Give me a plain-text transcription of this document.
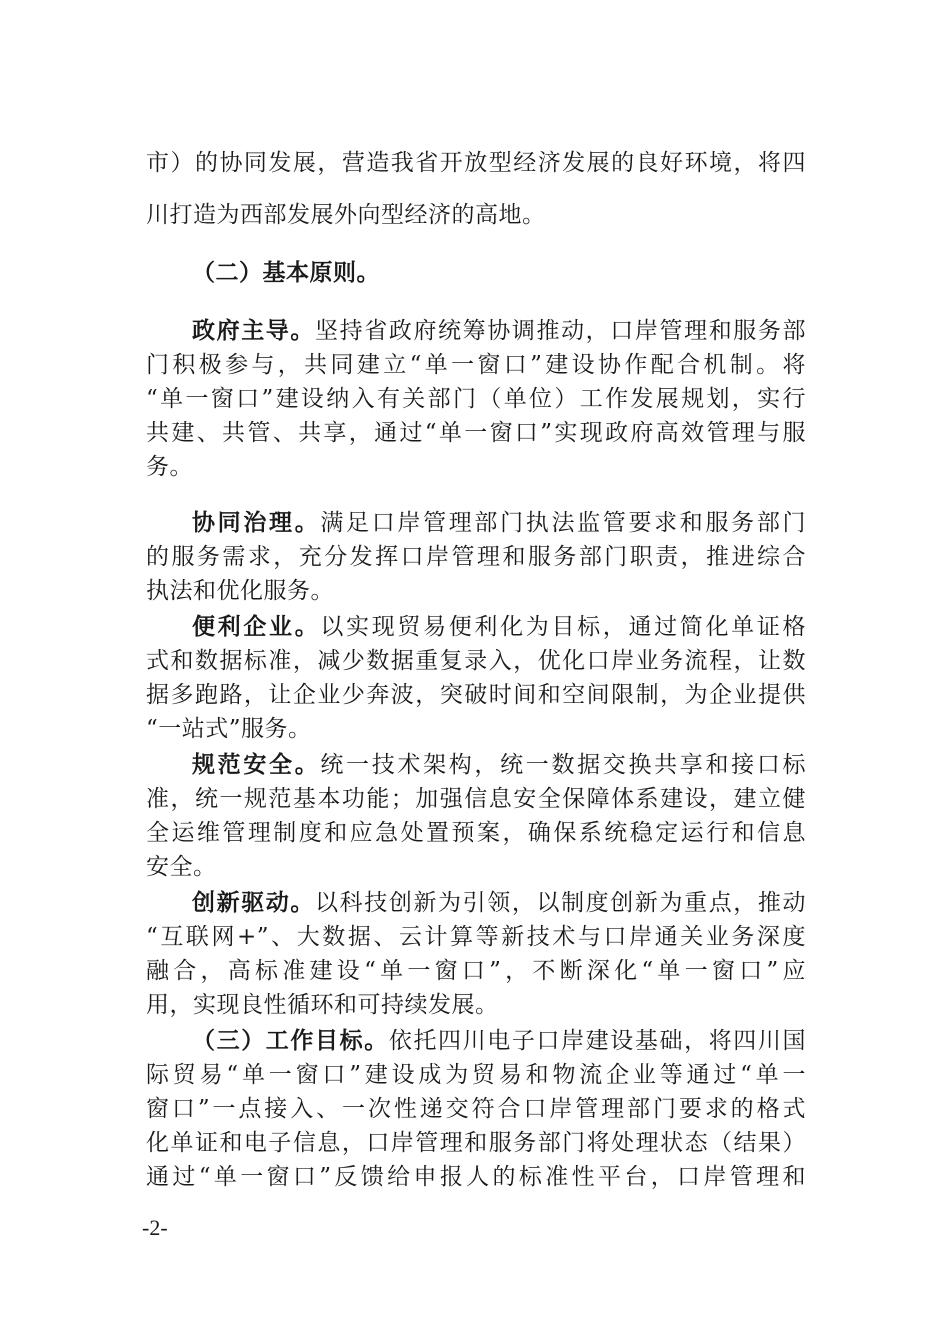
市）的协同发展，营造我省开放型经济发展的良好环境，将四
川打造为西部发展外向型经济的高地。
（二）基本原则。
政府主导。坚持省政府统筹协调推动，口岸管理和服务部
门积极参与，共同建立“单一窗口”建设协作配合机制。将
“单一窗口”建设纳入有关部门（单位）工作发展规划，实行
共建、共管、共享，通过“单一窗口”实现政府高效管理与服
务。
协同治理。满足口岸管理部门执法监管要求和服务部门
的服务需求，充分发挥口岸管理和服务部门职责，推进综合
执法和优化服务。
便利企业。以实现贸易便利化为目标，通过简化单证格
式和数据标准，减少数据重复录入，优化口岸业务流程，让数
据多跑路，让企业少奔波，突破时间和空间限制，为企业提供
“一站式”服务。
规范安全。统一技术架构，统一数据交换共享和接口标
准，统一规范基本功能；加强信息安全保障体系建设，建立健
全运维管理制度和应急处置预案，确保系统稳定运行和信息
安全。
创新驱动。以科技创新为引领，以制度创新为重点，推动
“互联网+”、大数据、云计算等新技术与口岸通关业务深度
融合，高标准建设“单一窗口”，不断深化“单一窗口”应
用，实现良性循环和可持续发展。
（三）工作目标。依托四川电子口岸建设基础，将四川国
际贸易“单一窗口”建设成为贸易和物流企业等通过“单一
窗口”一点接入、一次性递交符合口岸管理部门要求的格式
化单证和电子信息，口岸管理和服务部门将处理状态（结果）
通过“单一窗口”反馈给申报人的标准性平台，口岸管理和
-2-
